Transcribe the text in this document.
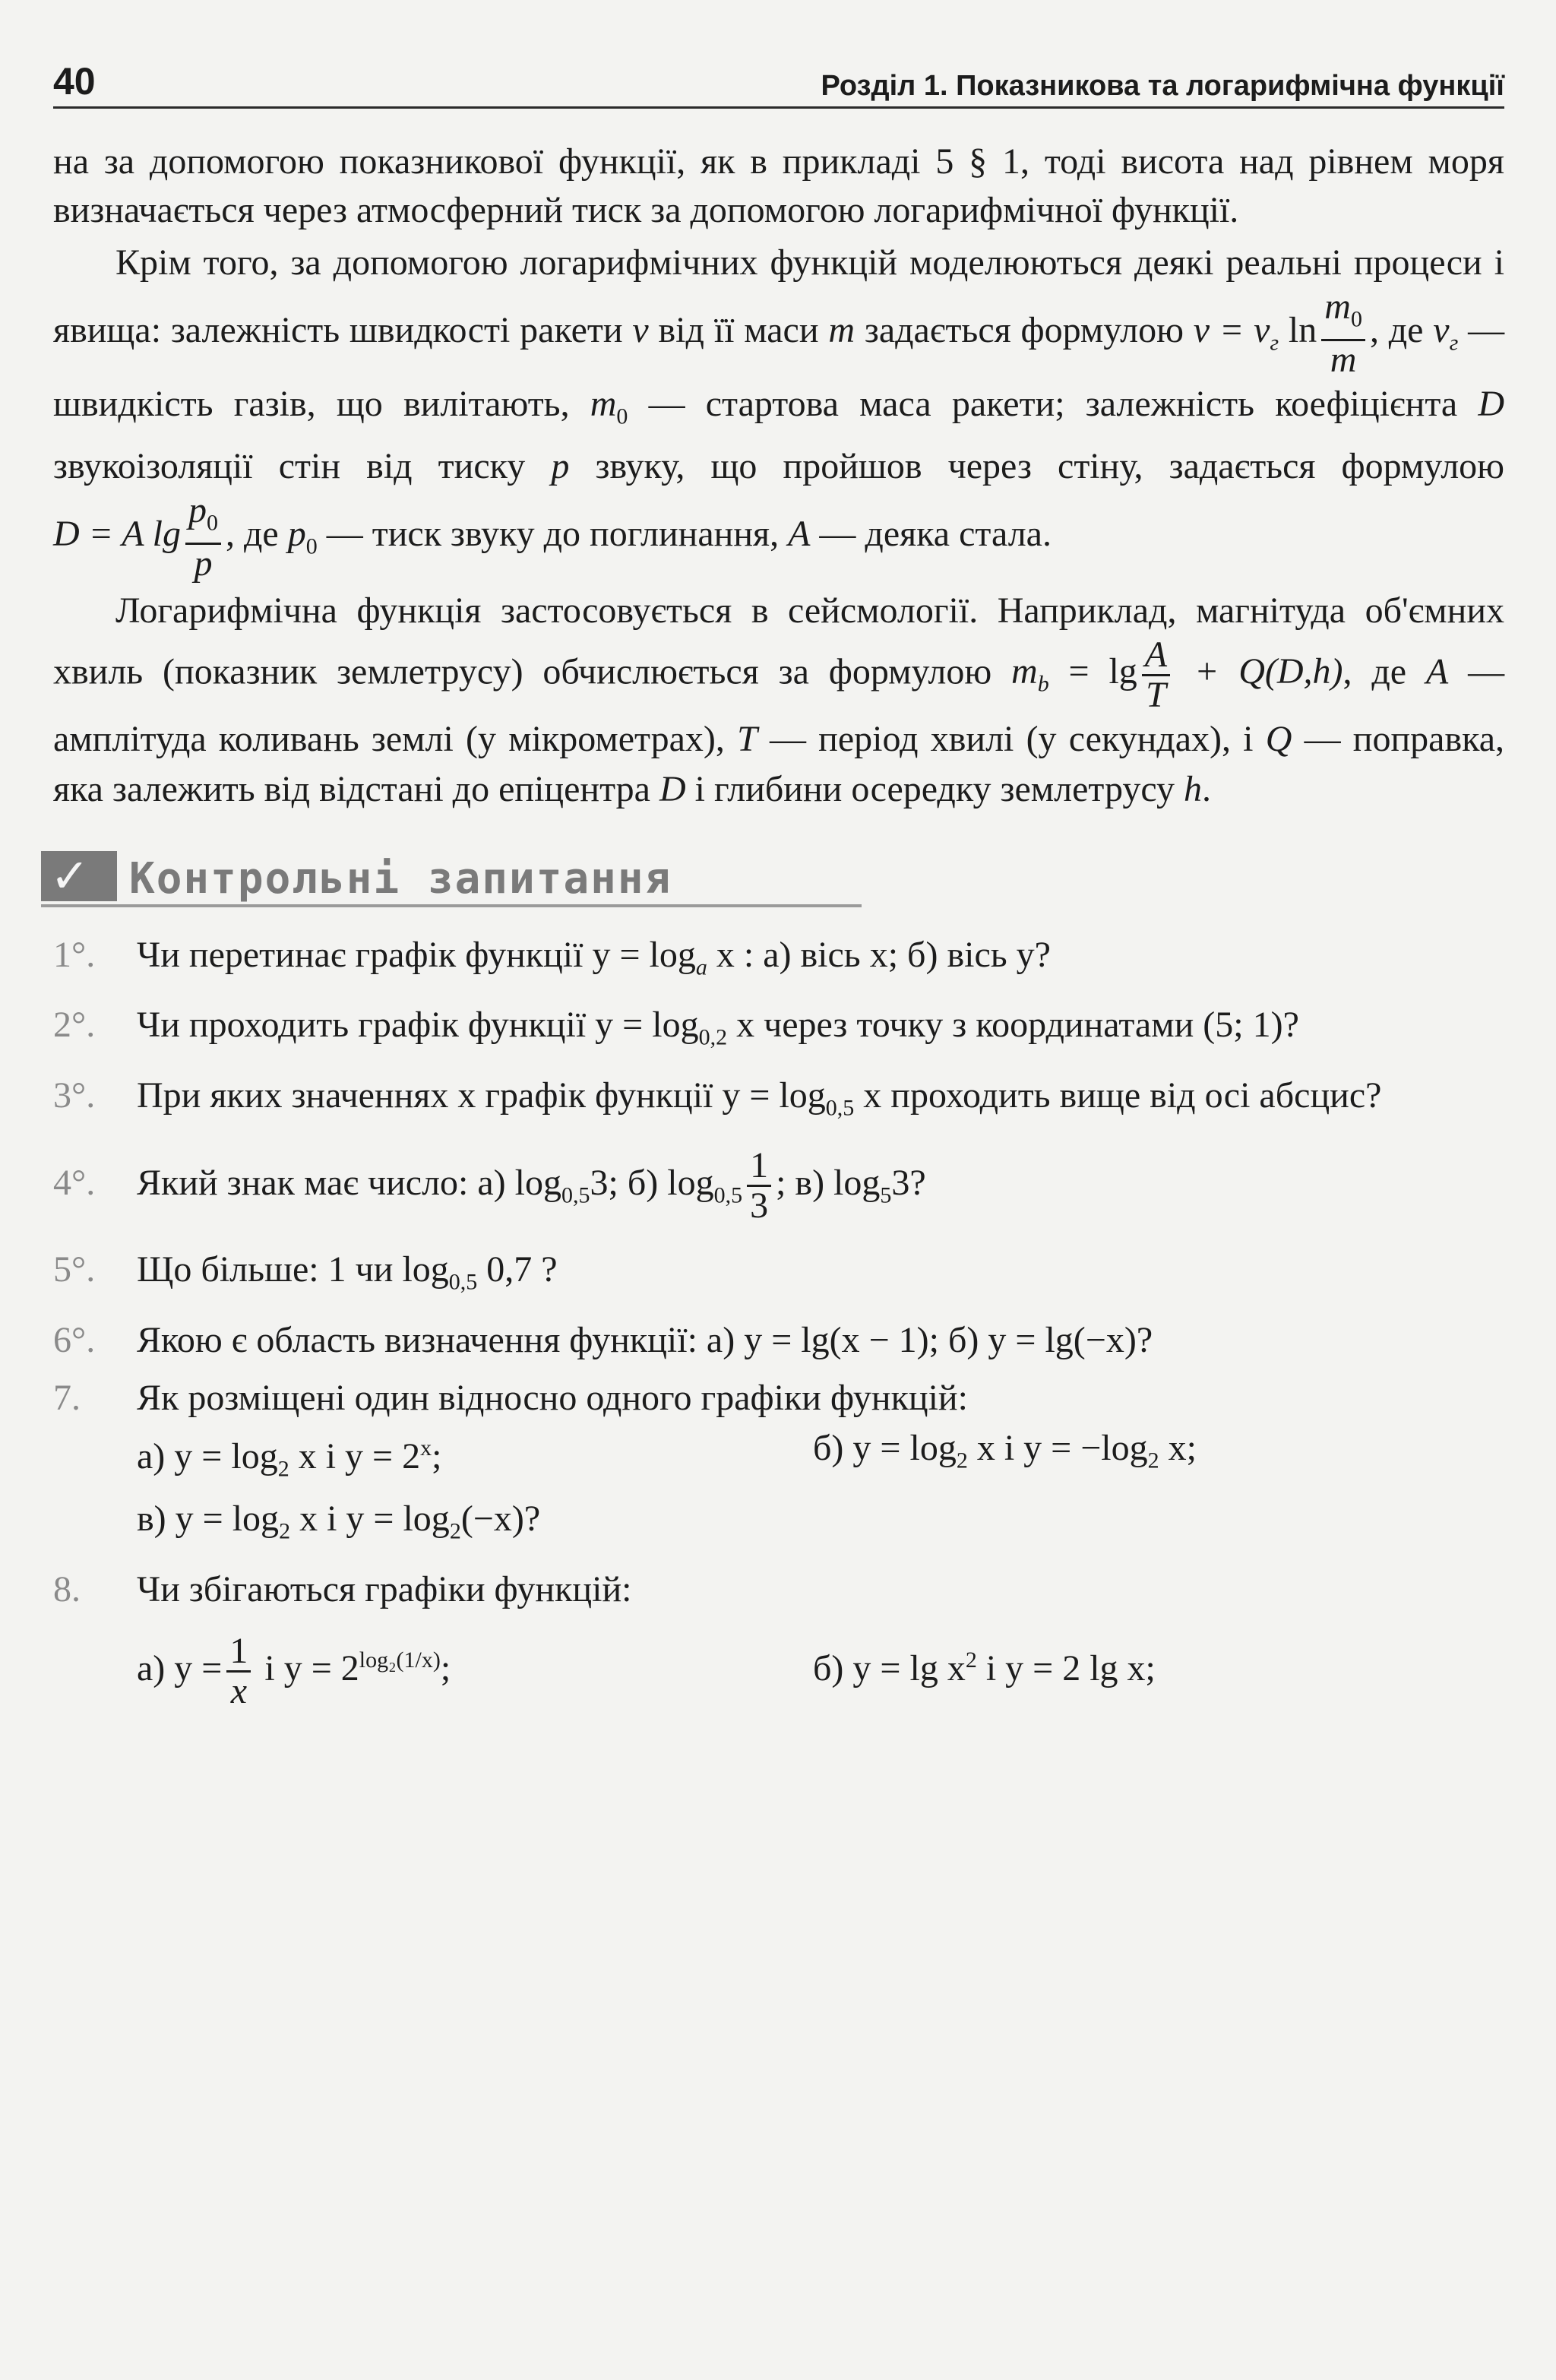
40	Розділ 1. Показникова та логарифмічна функції

на за допомогою показникової функції, як в прикладі 5 § 1, тоді висота над рівнем моря визначається через атмосферний тиск за допомогою логарифмічної функції.

Крім того, за допомогою логарифмічних функцій моделюються деякі реальні процеси і явища: залежність швидкості ракети v від її маси m задається формулою $v = v_г$ $\ln \frac{m_0}{m}$ , де $v_г$ — швидкість газів, що вилітають, $m_0$ — стартова маса ракети; залежність коефіцієнта D звукоізоляції стін від тиску p звуку, що пройшов через стіну, задається формулою D = A $\lg \frac{p_0}{p}$ , де $p_0$ — тиск звуку до поглинання, A — деяка стала.

Логарифмічна функція застосовується в сейсмології. Наприклад, магнітуда об'ємних хвиль (показник землетрусу) обчислюється за формулою $m_b = \lg \frac{A}{T} + Q(D,h)$, де A — амплітуда коливань землі (у мікрометрах), T — період хвилі (у секундах), і Q — поправка, яка залежить від відстані до епіцентра D і глибини осередку землетрусу h.

✓ Контрольні запитання
1°. Чи перетинає графік функції $y = \log_a x$ : а) вісь x; б) вісь y?
2°. Чи проходить графік функції $y = \log_{0,2} x$ через точку з координатами (5; 1)?
3°. При яких значеннях x графік функції $y = \log_{0,5} x$ проходить вище від осі абсцис?
4°. Який знак має число: а) $\log_{0,5}3$; б) $\log_{0,5} \frac{1}{3}$ ; в) $\log_53$?
5°. Що більше: 1 чи $\log_{0,5} 0,7$ ?
6°. Якою є область визначення функції: а) y = lg(x − 1); б) y = lg(−x)?
7. Як розміщені один відносно одного графіки функцій:
а) $y = \log_2 x$ і $y = 2^x$;	б) $y = \log_2 x$ і $y = -\log_2$ x;
в) $y = \log_2 x$ і $y = \log_2(-x)$?
8. Чи збігаються графіки функцій:
а) $y = \frac{1}{x}$ і $y = 2^{log_2(1/x)}$;	б) $y = \lg x^2$ і y = 2 lg x;
